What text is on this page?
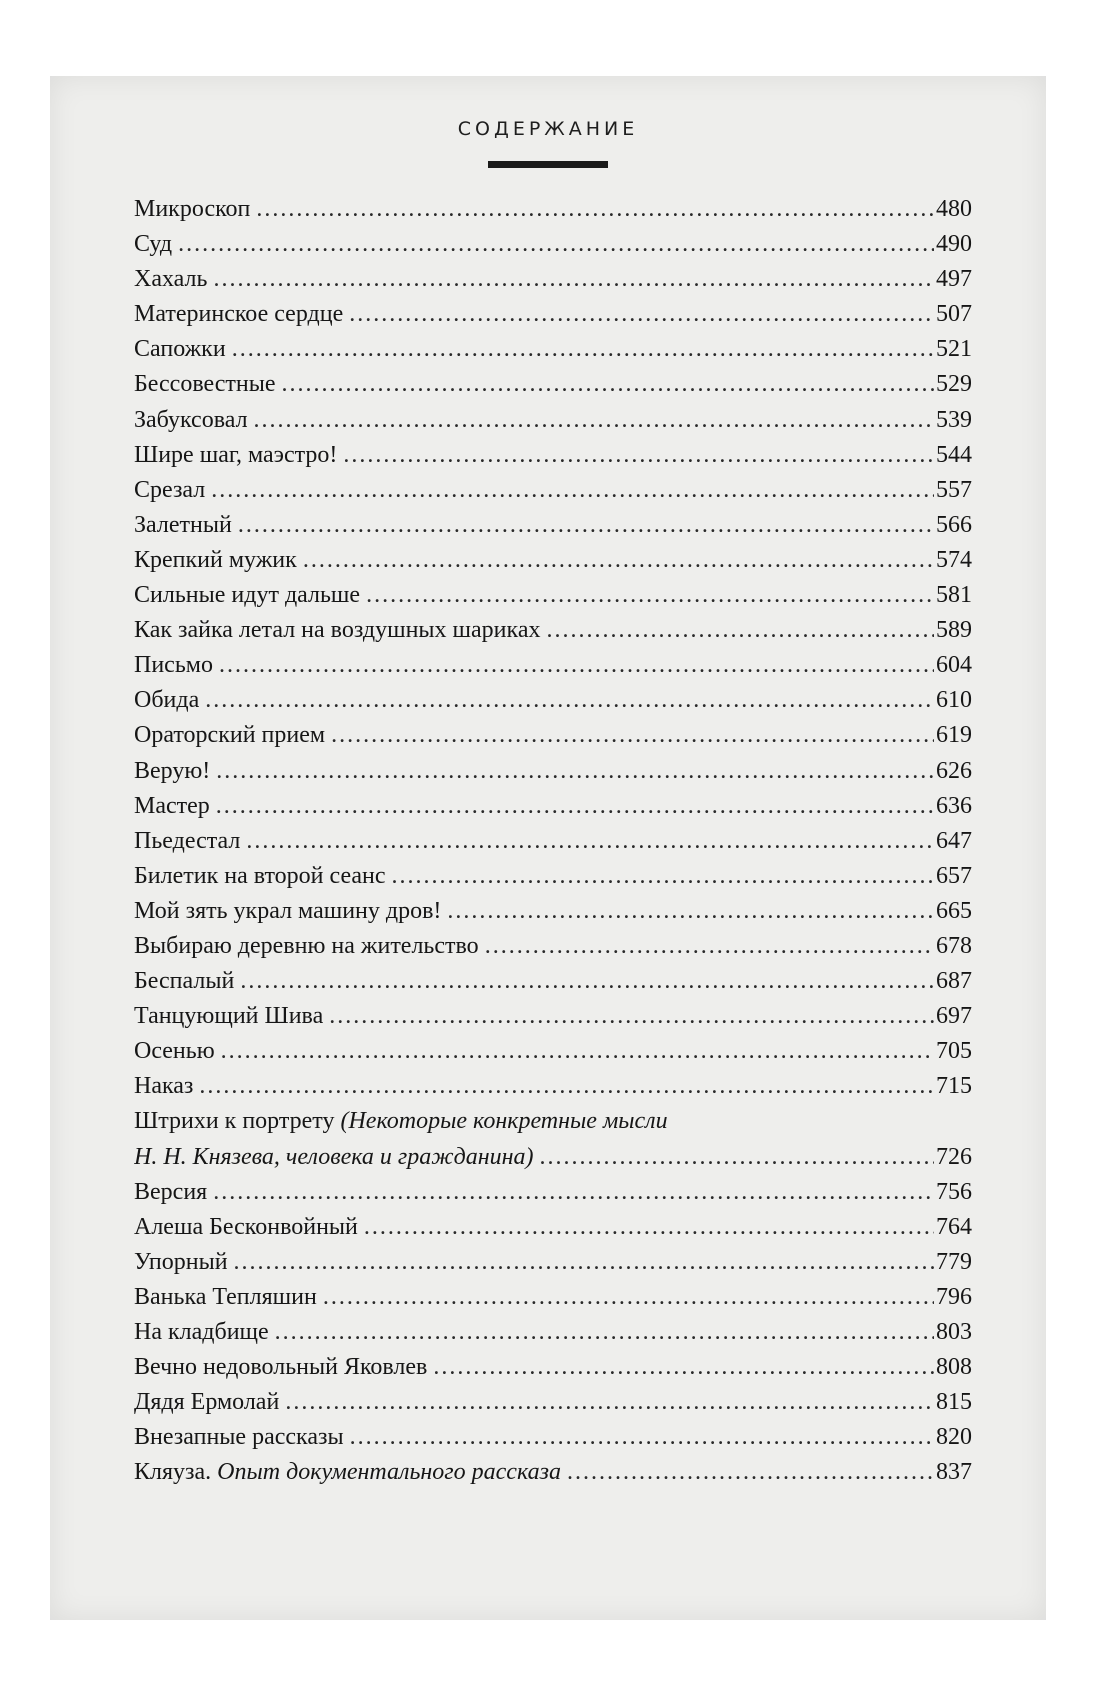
СОДЕРЖАНИЕ
Микроскоп .....	480
Суд .....	490
Хахаль .....	497
Материнское сердце .....	507
Сапожки .....	521
Бессовестные .....	529
Забуксовал .....	539
Шире шаг, маэстро! .....	544
Срезал .....	557
Залетный .....	566
Крепкий мужик .....	574
Сильные идут дальше .....	581
Как зайка летал на воздушных шариках .....	589
Письмо .....	604
Обида .....	610
Ораторский прием .....	619
Верую! .....	626
Мастер .....	636
Пьедестал .....	647
Билетик на второй сеанс .....	657
Мой зять украл машину дров! .....	665
Выбираю деревню на жительство .....	678
Беспалый .....	687
Танцующий Шива .....	697
Осенью .....	705
Наказ .....	715
Штрихи к портрету (Некоторые конкретные мысли
Н. Н. Князева, человека и гражданина) .....	726
Версия .....	756
Алеша Бесконвойный .....	764
Упорный .....	779
Ванька Тепляшин .....	796
На кладбище .....	803
Вечно недовольный Яковлев .....	808
Дядя Ермолай .....	815
Внезапные рассказы .....	820
Кляуза. Опыт документального рассказа .....	837
